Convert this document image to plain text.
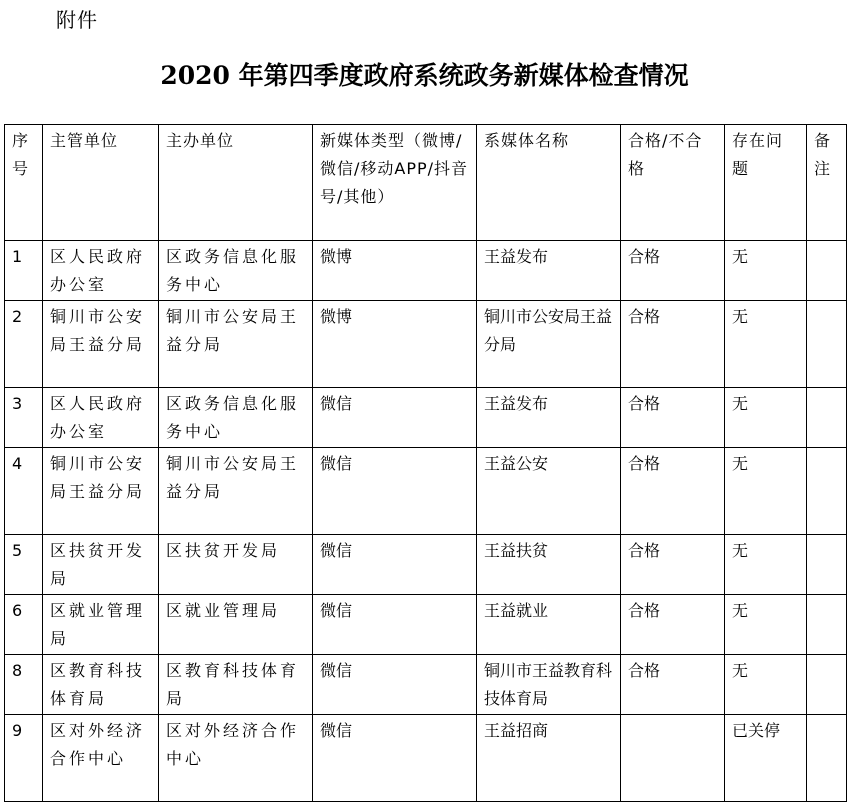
附件
2020 年第四季度政府系统政务新媒体检查情况
序号	主管单位	主办单位	新媒体类型（微博/微信/移动APP/抖音号/其他）	系媒体名称	合格/不合格	存在问题	备注
1	区人民政府办公室	区政务信息化服务中心	微博	王益发布	合格	无	
2	铜川市公安局王益分局	铜川市公安局王益分局	微博	铜川市公安局王益分局	合格	无	
3	区人民政府办公室	区政务信息化服务中心	微信	王益发布	合格	无	
4	铜川市公安局王益分局	铜川市公安局王益分局	微信	王益公安	合格	无	
5	区扶贫开发局	区扶贫开发局	微信	王益扶贫	合格	无	
6	区就业管理局	区就业管理局	微信	王益就业	合格	无	
8	区教育科技体育局	区教育科技体育局	微信	铜川市王益教育科技体育局	合格	无	
9	区对外经济合作中心	区对外经济合作中心	微信	王益招商		已关停	
